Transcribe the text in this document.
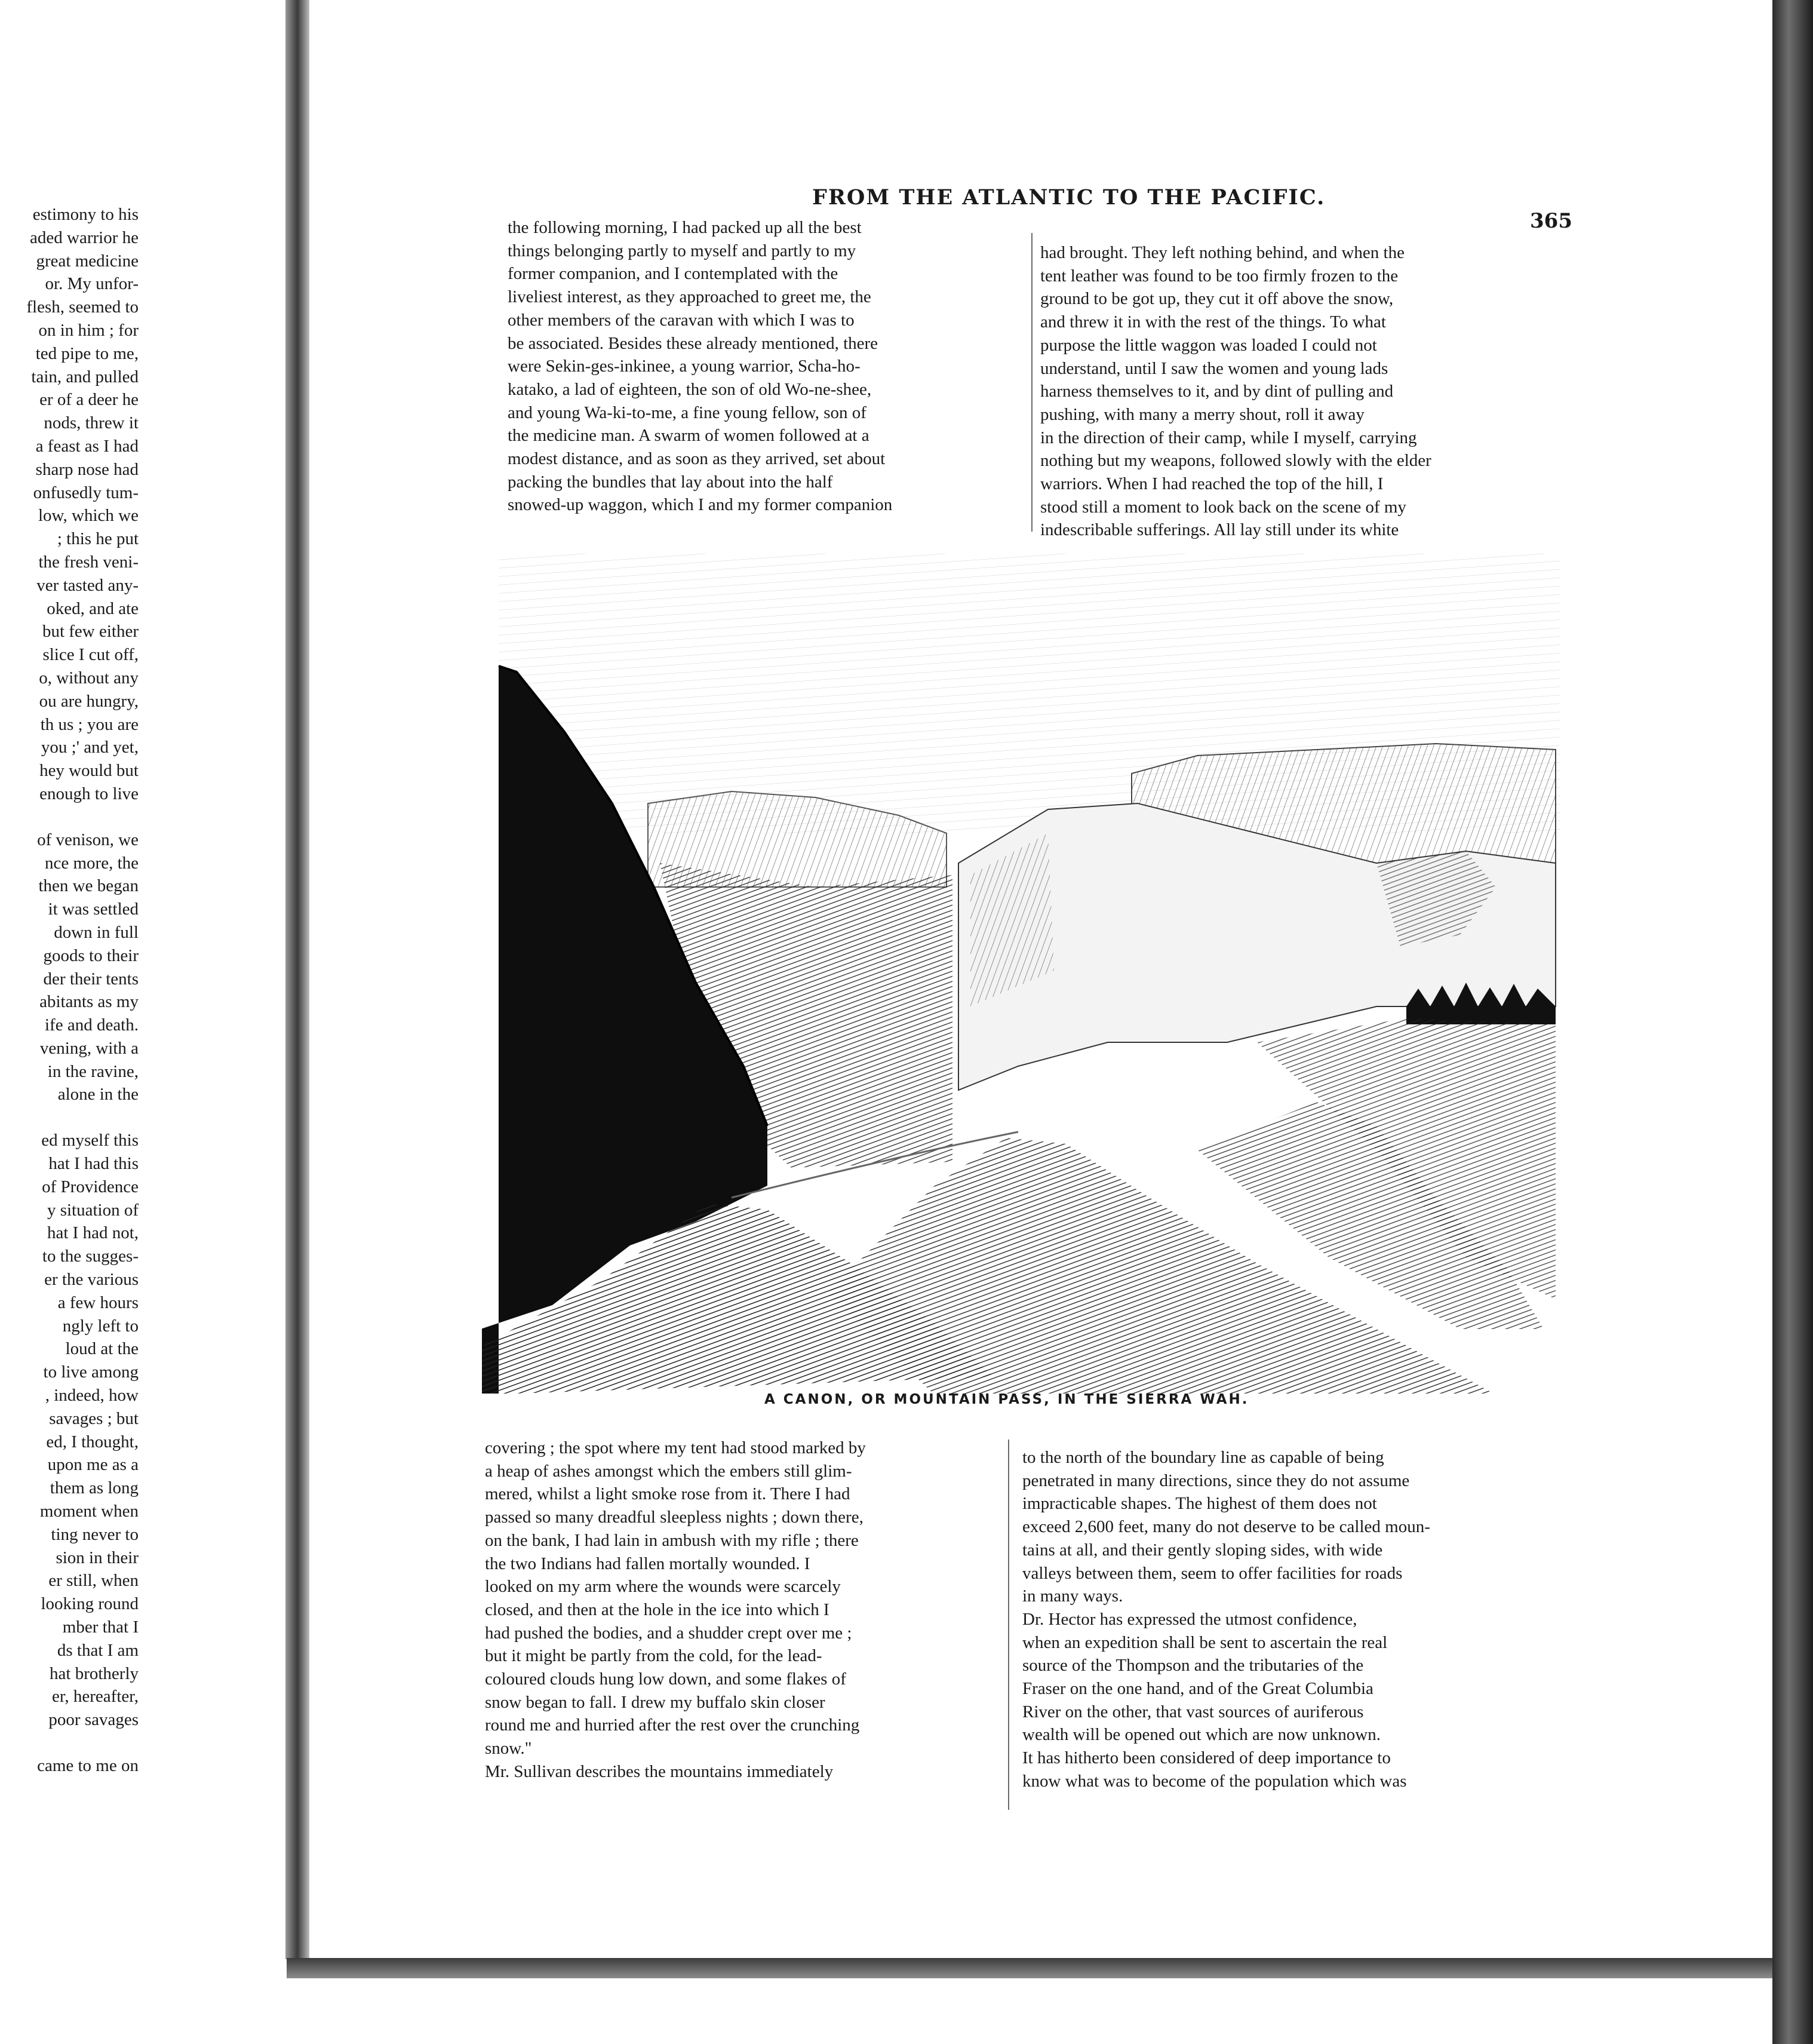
estimony to his
aded warrior he
great medicine
or. My unfor-
flesh, seemed to
on in him ; for
ted pipe to me,
tain, and pulled
er of a deer he
nods, threw it
a feast as I had
sharp nose had
onfusedly tum-
low, which we
; this he put
the fresh veni-
ver tasted any-
oked, and ate
but few either
slice I cut off,
o, without any
ou are hungry,
th us ; you are
you ;' and yet,
hey would but
enough to live
of venison, we
nce more, the
then we began
it was settled
down in full
goods to their
der their tents
abitants as my
ife and death.
vening, with a
in the ravine,
alone in the
ed myself this
hat I had this
of Providence
y situation of
hat I had not,
to the sugges-
er the various
a few hours
ngly left to
loud at the
to live among
, indeed, how
savages ; but
ed, I thought,
upon me as a
them as long
moment when
ting never to
sion in their
er still, when
looking round
mber that I
ds that I am
hat brotherly
er, hereafter,
poor savages
came to me on
FROM THE ATLANTIC TO THE PACIFIC.
365
the following morning, I had packed up all the best
things belonging partly to myself and partly to my
former companion, and I contemplated with the
liveliest interest, as they approached to greet me, the
other members of the caravan with which I was to
be associated. Besides these already mentioned, there
were Sekin-ges-inkinee, a young warrior, Scha-ho-
katako, a lad of eighteen, the son of old Wo-ne-shee,
and young Wa-ki-to-me, a fine young fellow, son of
the medicine man. A swarm of women followed at a
modest distance, and as soon as they arrived, set about
packing the bundles that lay about into the half
snowed-up waggon, which I and my former companion
had brought. They left nothing behind, and when the
tent leather was found to be too firmly frozen to the
ground to be got up, they cut it off above the snow,
and threw it in with the rest of the things. To what
purpose the little waggon was loaded I could not
understand, until I saw the women and young lads
harness themselves to it, and by dint of pulling and
pushing, with many a merry shout, roll it away
in the direction of their camp, while I myself, carrying
nothing but my weapons, followed slowly with the elder
warriors. When I had reached the top of the hill, I
stood still a moment to look back on the scene of my
indescribable sufferings. All lay still under its white
A CANON, OR MOUNTAIN PASS, IN THE SIERRA WAH.
covering ; the spot where my tent had stood marked by
a heap of ashes amongst which the embers still glim-
mered, whilst a light smoke rose from it. There I had
passed so many dreadful sleepless nights ; down there,
on the bank, I had lain in ambush with my rifle ; there
the two Indians had fallen mortally wounded. I
looked on my arm where the wounds were scarcely
closed, and then at the hole in the ice into which I
had pushed the bodies, and a shudder crept over me ;
but it might be partly from the cold, for the lead-
coloured clouds hung low down, and some flakes of
snow began to fall. I drew my buffalo skin closer
round me and hurried after the rest over the crunching
snow."
Mr. Sullivan describes the mountains immediately
to the north of the boundary line as capable of being
penetrated in many directions, since they do not assume
impracticable shapes. The highest of them does not
exceed 2,600 feet, many do not deserve to be called moun-
tains at all, and their gently sloping sides, with wide
valleys between them, seem to offer facilities for roads
in many ways.
Dr. Hector has expressed the utmost confidence,
when an expedition shall be sent to ascertain the real
source of the Thompson and the tributaries of the
Fraser on the one hand, and of the Great Columbia
River on the other, that vast sources of auriferous
wealth will be opened out which are now unknown.
It has hitherto been considered of deep importance to
know what was to become of the population which was
